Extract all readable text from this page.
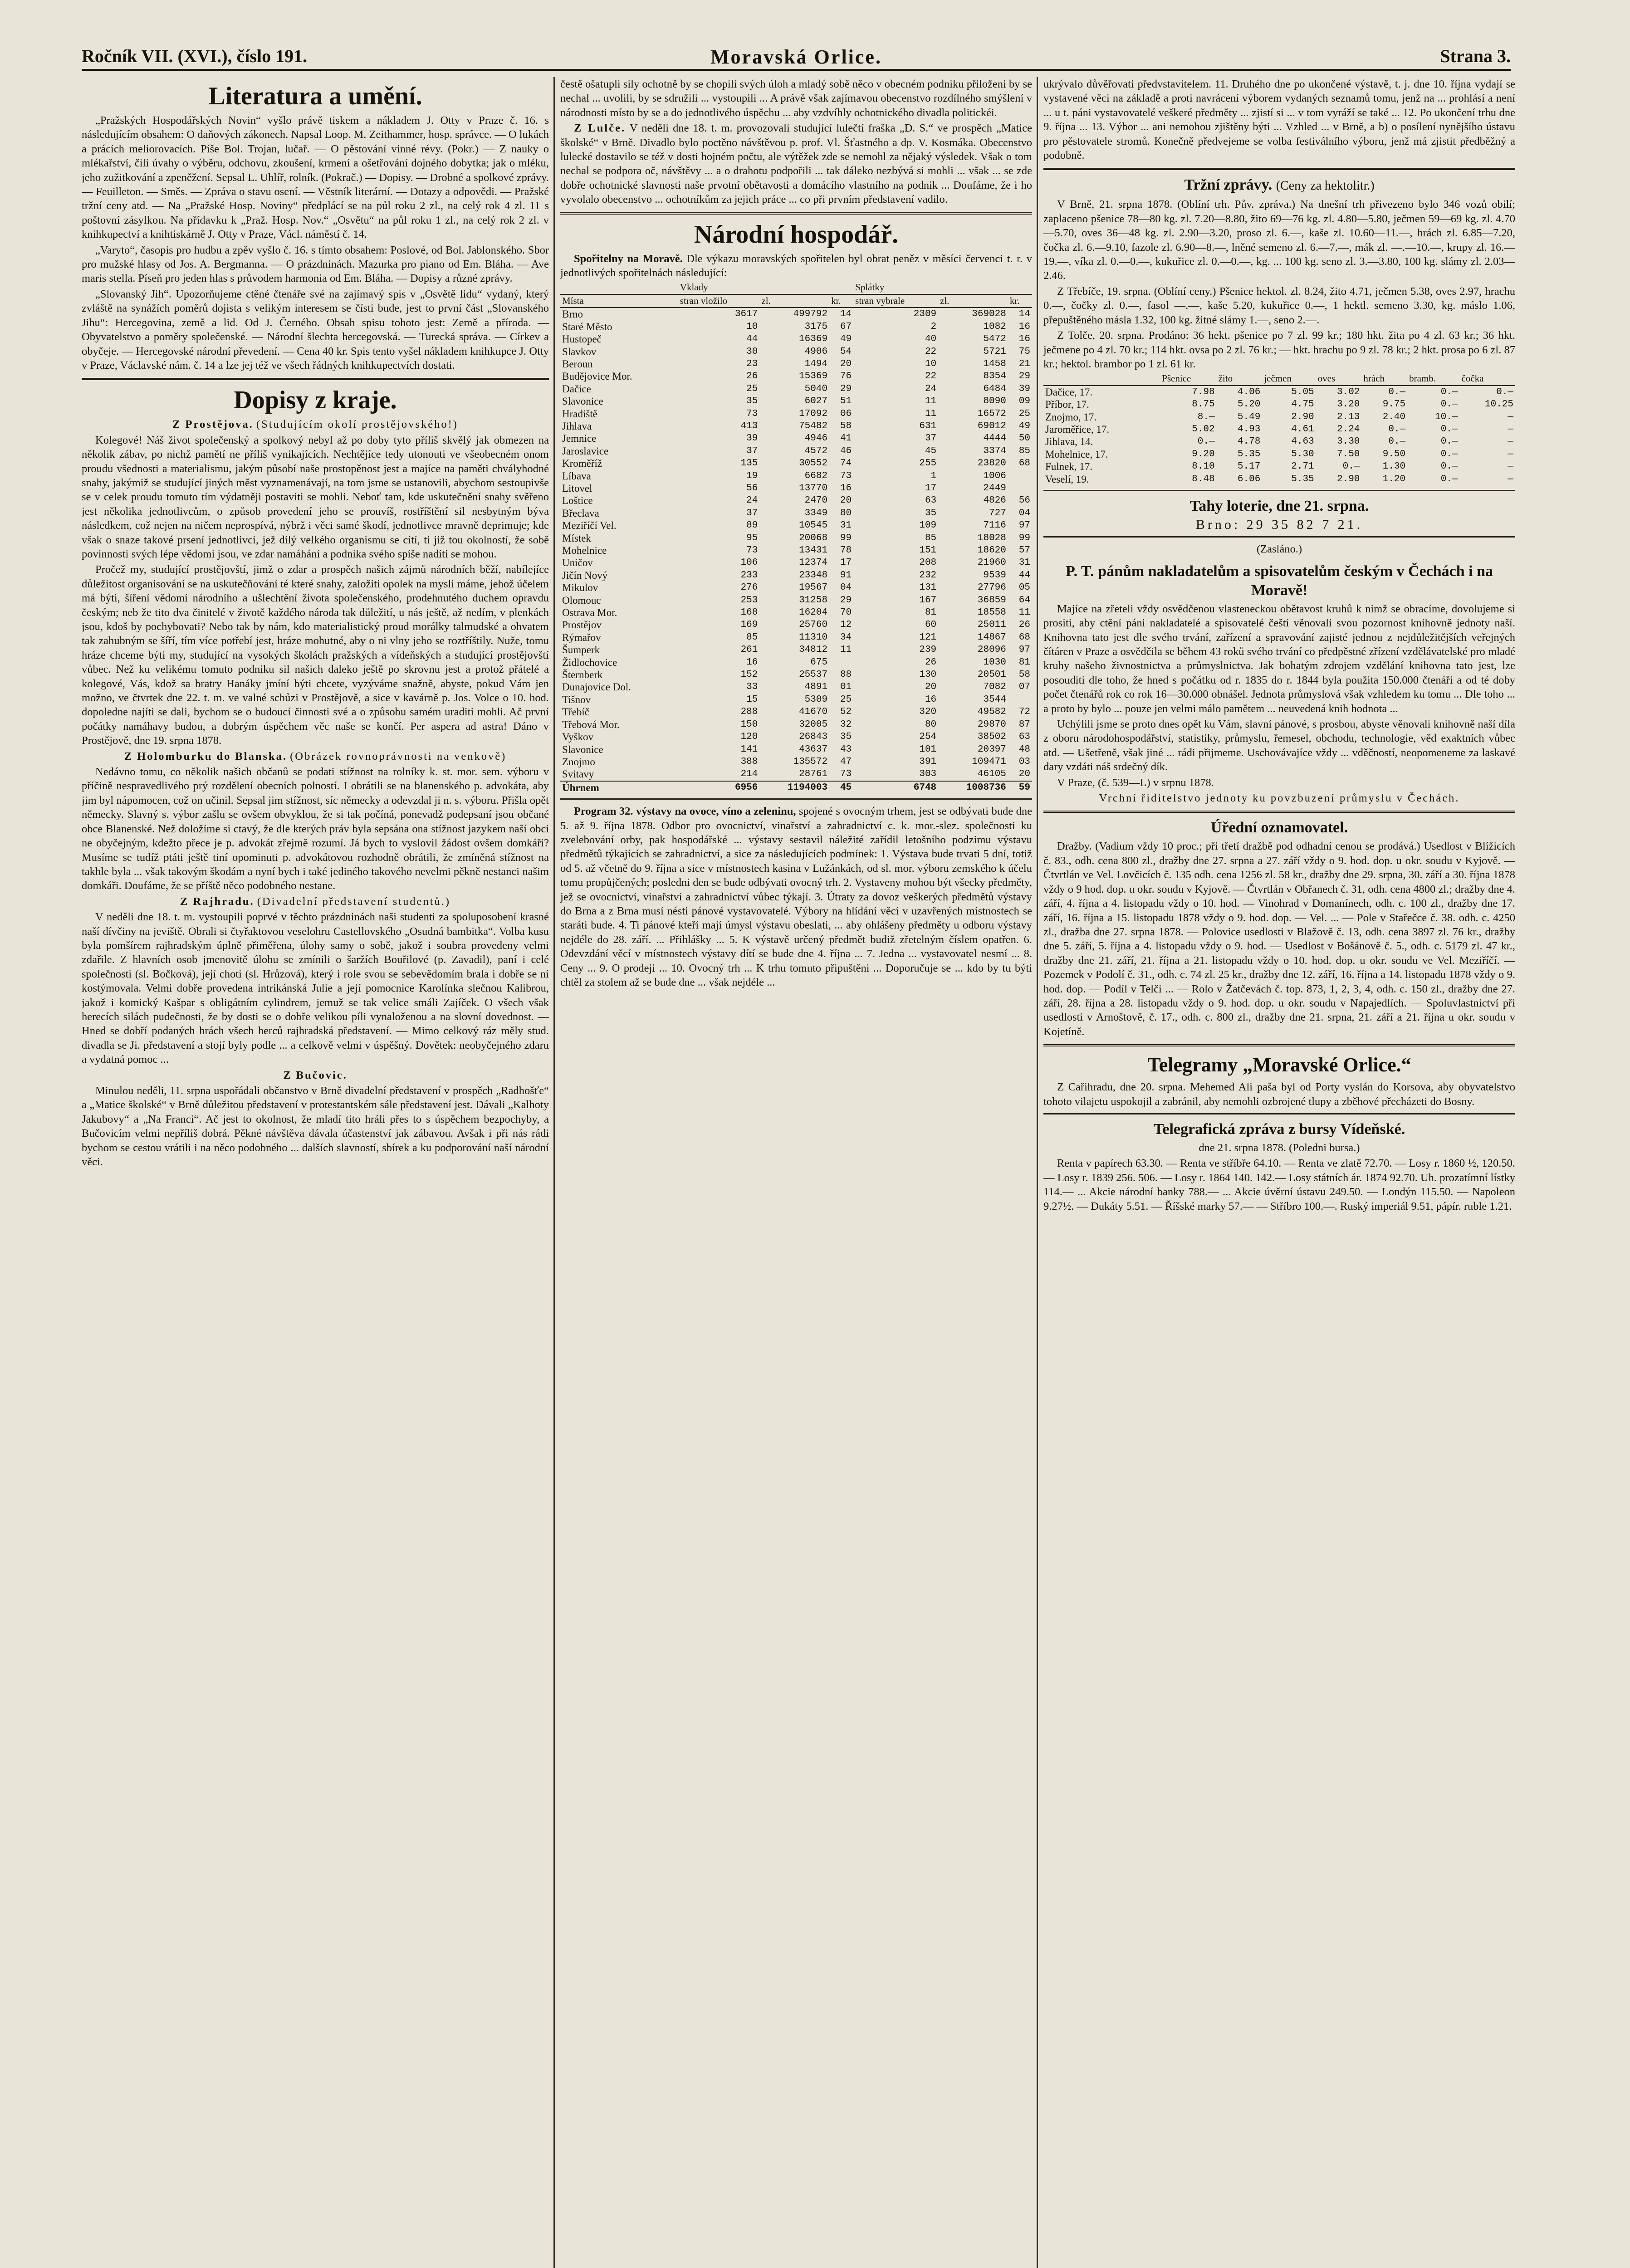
Ročník VII. (XVI.), číslo 191.	Moravská Orlice.	Strana 3.
Literatura a umění.

„Pražských Hospodářských Novin“ vyšlo právě tiskem a nákladem J. Otty v Praze č. 16. s následujícím obsahem: O daňových zákonech. Napsal Loop. M. Zeithammer, hosp. správce. — O lukách a prácích meliorovacích. Píše Bol. Trojan, lučař. — O pěstování vinné révy. (Pokr.) — Z nauky o mlékařství, čili úvahy o výběru, odchovu, zkoušení, krmení a ošetřování dojného dobytka; jak o mléku, jeho zužitkování a zpeněžení. Sepsal L. Uhlíř, rolník. (Pokrač.) — Dopisy. — Drobné a spolkové zprávy. — Feuilleton. — Směs. — Zpráva o stavu osení. — Věstník literární. — Dotazy a odpovědi. — Pražské tržní ceny atd. — Na „Pražské Hosp. Noviny“ předplácí se na půl roku 2 zl., na celý rok 4 zl. 11 s poštovní zásylkou. Na přídavku k „Praž. Hosp. Nov.“ „Osvětu“ na půl roku 1 zl., na celý rok 2 zl. v knihkupectví a knihtiskárně J. Otty v Praze, Václ. náměstí č. 14.

„Varyto“, časopis pro hudbu a zpěv vyšlo č. 16. s tímto obsahem: Poslové, od Bol. Jablonského. Sbor pro mužské hlasy od Jos. A. Bergmanna. — O prázdninách. Mazurka pro piano od Em. Bláha. — Ave maris stella. Píseň pro jeden hlas s průvodem harmonia od Em. Bláha. — Dopisy a různé zprávy.

„Slovanský Jih“. Upozorňujeme ctěné čtenáře své na zajímavý spis v „Osvětě lidu“ vydaný, který zvláště na synážích poměrů dojista s velikým interesem se čísti bude, jest to první část „Slovanského Jihu“: Hercegovina, země a lid. Od J. Černého. Obsah spisu tohoto jest: Země a příroda. — Obyvatelstvo a poměry společenské. — Národní šlechta hercegovská. — Turecká správa. — Církev a obyčeje. — Hercegovské národní převedení. — Cena 40 kr. Spis tento vyšel nákladem knihkupce J. Otty v Praze, Václavské nám. č. 14 a lze jej též ve všech řádných knihkupectvích dostati.

Dopisy z kraje.

Z Prostějova. (Studujícím okolí prostějovského!)

Kolegové! Náš život společenský a spolkový nebyl až po doby tyto příliš skvělý jak obmezen na několik zábav, po nichž pamětí ne příliš vynikajících. Nechtějíce tedy utonouti ve všeobecném onom proudu všednosti a materialismu, jakým působí naše prostopěnost jest a majíce na paměti chvályhodné snahy, jakýmiž se studující jiných měst vyznamenávají, na tom jsme se ustanovili, abychom sestoupivše se v celek proudu tomuto tím výdatněji postaviti se mohli. Neboť tam, kde uskutečnění snahy svěřeno jest několika jednotlivcům, o způsob provedení jeho se prouvíš, rostříštění sil nesbytným býva následkem, což nejen na ničem neprospívá, nýbrž i věci samé škodí, jednotlivce mravně deprimuje; kde však o snaze takové prsení jednotlivci, jež dílý velkého organismu se cítí, ti již tou okolností, že sobě povinnosti svých lépe vědomi jsou, ve zdar namáhání a podnika svého spíše nadíti se mohou.

Pročež my, studující prostějovští, jimž o zdar a prospěch našich zájmů národních běží, nabílejíce důležitost organisování se na uskutečňování té které snahy, založiti opolek na mysli máme, jehož účelem má býti, šíření vědomí národního a ušlechtění života společenského, prodehnutého duchem opravdu českým; neb že tito dva činitelé v životě každého národa tak důležití, u nás ještě, až nedím, v plenkách jsou, kdoš by pochybovati? Nebo tak by nám, kdo materialistický proud morálky talmudské a ohvatem tak zahubným se šíří, tím více potřebí jest, hráze mohutné, aby o ni vlny jeho se roztříštily. Nuže, tomu hráze chceme býti my, studující na vysokých školách pražských a vídeňských a studující prostějovští vůbec. Než ku velikému tomuto podniku sil našich daleko ještě po skrovnu jest a protož přátelé a kolegové, Vás, kdož sa bratry Hanáky jmíní býti chcete, vyzýváme snažně, abyste, pokud Vám jen možno, ve čtvrtek dne 22. t. m. ve valné schůzi v Prostějově, a sice v kavárně p. Jos. Volce o 10. hod. dopoledne najíti se dali, bychom se o budoucí činnosti své a o způsobu samém uraditi mohli. Ač první počátky namáhavy budou, a dobrým úspěchem věc naše se končí. Per aspera ad astra! Dáno v Prostějově, dne 19. srpna 1878.

Z Holomburku do Blanska. (Obrázek rovnoprávnosti na venkově)

Nedávno tomu, co několik našich občanů se podati stížnost na rolníky k. st. mor. sem. výboru v příčině nespravedlivého prý rozdělení obecních polností. I obrátili se na blanenského p. advokáta, aby jim byl nápomocen, což on učinil. Sepsal jim stížnost, síc německy a odevzdal ji n. s. výboru. Přišla opět německy. Slavný s. výbor zašlu se ovšem obvyklou, že si tak počíná, ponevadž podepsaní jsou občané obce Blanenské. Než doložíme si ctavý, že dle kterých práv byla sepsána ona stížnost jazykem naší obci ne obyčejným, kdežto přece je p. advokát zřejmě rozumí. Já bych to vyslovil žádost ovšem domkáři? Musíme se tudíž ptáti ještě tiní opominuti p. advokátovou rozhodně obrátili, že zmíněná stížnost na takhle byla ... však takovým škodám a nyní bych i také jediného takového nevelmi pěkně nestanci našim domkáři. Doufáme, že se příště něco podobného nestane.

Z Rajhradu. (Divadelní představení studentů.)

V neděli dne 18. t. m. vystoupili poprvé v těchto prázdninách naši studenti za spoluposobení krasné naší dívčiny na jeviště. Obrali si čtyřaktovou veselohru Castellovského „Osudná bambitka“. Volba kusu byla pomšírem rajhradským úplně přiměřena, úlohy samy o sobě, jakož i soubra provedeny velmi zdařile. Z hlavních osob jmenovitě úlohu se zmínili o šaržích Bouřilové (p. Zavadil), paní i celé společnosti (sl. Bočková), její choti (sl. Hrůzová), který i role svou se sebevědomím brala i dobře se ní kostýmovala. Velmi dobře provedena intrikánská Julie a její pomocnice Karolínka slečnou Kalibrou, jakož i komický Kašpar s obligátním cylindrem, jemuž se tak velice smáli Zajíček. O všech však herecích silách pudečnosti, že by dosti se o dobře velikou píli vynaloženou a na slovní dovednost. — Hned se dobří podaných hrách všech herců rajhradská představení. — Mimo celkový ráz měly stud. divadla se Ji. představení a stojí byly podle ... a celkově velmi v úspěšný. Dovětek: neobyčejného zdaru a vydatná pomoc ...

Z Bučovic.

Minulou neděli, 11. srpna uspořádali občanstvo v Brně divadelní představení v prospěch „Radhošťe“ a „Matice školské“ v Brně důležitou představení v protestantském sále představení jest. Dávali „Kalhoty Jakubovy“ a „Na Franci“. Ač jest to okolnost, že mladí tito hráli přes to s úspěchem bezpochyby, a Bučovicím velmi nepříliš dobrá. Pěkné návštěva dávala účastenství jak zábavou. Avšak i při nás rádi bychom se cestou vrátili i na něco podobného ... dalších slavností, sbírek a ku podporování naší národní věci.

čestě ošatupli sily ochotně by se chopili svých úloh a mladý sobě něco v obecném podniku přiloženi by se nechal ... uvolili, by se sdružili ... vystoupili ... A právě však zajímavou obecenstvo rozdílného smýšlení v národnosti místo by se a do jednotlivého úspěchu ... aby vzdvíhly ochotnického divadla politickéi.

Z Lulče. V neděli dne 18. t. m. provozovali studující lulečtí fraška „D. S.“ ve prospěch „Matice školské“ v Brně. Divadlo bylo poctěno návštěvou p. prof. Vl. Šťastného a dp. V. Kosmáka. Obecenstvo lulecké dostavilo se též v dosti hojném počtu, ale výtěžek zde se nemohl za nějaký výsledek. Však o tom nechal se podpora oč, návštěvy ... a o drahotu podpořili ... tak dáleko nezbývá si mohli ... však ... se zde dobře ochotnické slavnosti naše prvotní obětavosti a domácího vlastního na podnik ... Doufáme, že i ho vyvolalo obecenstvo ... ochotníkům za jejich práce ... co při prvním představení vadilo.

Národní hospodář.

Spořitelny na Moravě. Dle výkazu moravských spořitelen byl obrat peněz v měsíci červenci t. r. v jednotlivých spořitelnách následující:

	Vklady			Splátky		
Místa	stran vložilo	zl.	kr.	stran vybrale	zl.	kr.
Brno	3617	499792	14	2309	369028	14
Staré Město	10	3175	67	2	1082	16
Hustopeč	44	16369	49	40	5472	16
Slavkov	30	4906	54	22	5721	75
Beroun	23	1494	20	10	1458	21
Budějovice Mor.	26	15369	76	22	8354	29
Dačice	25	5040	29	24	6484	39
Slavonice	35	6027	51	11	8090	09
Hradiště	73	17092	06	11	16572	25
Jihlava	413	75482	58	631	69012	49
Jemnice	39	4946	41	37	4444	50
Jaroslavice	37	4572	46	45	3374	85
Kroměříž	135	30552	74	255	23820	68
Líbava	19	6682	73	1	1006	
Litovel	56	13770	16	17	2449	
Loštice	24	2470	20	63	4826	56
Břeclava	37	3349	80	35	727	04
Meziříčí Vel.	89	10545	31	109	7116	97
Místek	95	20068	99	85	18028	99
Mohelnice	73	13431	78	151	18620	57
Uničov	106	12374	17	208	21960	31
Jičín Nový	233	23348	91	232	9539	44
Mikulov	276	19567	04	131	27796	05
Olomouc	253	31258	29	167	36859	64
Ostrava Mor.	168	16204	70	81	18558	11
Prostějov	169	25760	12	60	25011	26
Rýmařov	85	11310	34	121	14867	68
Šumperk	261	34812	11	239	28096	97
Židlochovice	16	675		26	1030	81
Šternberk	152	25537	88	130	20501	58
Dunajovice Dol.	33	4891	01	20	7082	07
Tišnov	15	5309	25	16	3544	
Třebíč	288	41670	52	320	49582	72
Třebová Mor.	150	32005	32	80	29870	87
Vyškov	120	26843	35	254	38502	63
Slavonice	141	43637	43	101	20397	48
Znojmo	388	135572	47	391	109471	03
Svitavy	214	28761	73	303	46105	20
Úhrnem	6956	1194003	45	6748	1008736	59

Program 32. výstavy na ovoce, víno a zeleninu, spojené s ovocným trhem, jest se odbývati bude dne 5. až 9. října 1878. Odbor pro ovocnictví, vinařství a zahradnictví c. k. mor.-slez. společnosti ku zvelebování orby, pak hospodářské ... výstavy sestavil náležité zařídil letošního podzimu výstavu předmětů týkajících se zahradnictví, a sice za následujících podmínek: 1. Výstava bude trvati 5 dní, totiž od 5. až včetně do 9. října a sice v místnostech kasina v Lužánkách, od sl. mor. výboru zemského k účelu tomu propůjčených; posledni den se bude odbývati ovocný trh. 2. Vystaveny mohou být všecky předměty, jež se ovocnictví, vinařství a zahradnictví vůbec týkají. 3. Útraty za dovoz veškerých předmětů výstavy do Brna a z Brna musí nésti pánové vystavovatelé. Výbory na hlídání věcí v uzavřených místnostech se staráti bude. 4. Ti pánové kteří mají úmysl výstavu obeslati, ... aby ohlášeny předměty u odboru výstavy nejdéle do 28. září. ... Přihlášky ... 5. K výstavě určený předmět budiž zřetelným číslem opatřen. 6. Odevzdání věcí v místnostech výstavy dítí se bude dne 4. října ... 7. Jedna ... vystavovatel nesmí ... 8. Ceny ... 9. O prodeji ... 10. Ovocný trh ... K trhu tomuto připuštěni ... Doporučuje se ... kdo by tu býti chtěl za stolem až se bude dne ... však nejdéle ...

ukrývalo důvěřovati předvstavitelem. 11. Druhého dne po ukončené výstavě, t. j. dne 10. října vydají se vystavené věci na základě a proti navrácení výborem vydaných seznamů tomu, jenž na ... prohlásí a není ... u t. páni vystavovatelé veškeré předměty ... zjistí si ... v tom vyráží se také ... 12. Po ukončení trhu dne 9. října ... 13. Výbor ... ani nemohou zjištěny býti ... Vzhled ... v Brně, a b) o posílení nynějšího ústavu pro pěstovatele stromů. Konečně předvejeme se volba festiválního výboru, jenž má zjistit předběžný a podobně.

Tržní zprávy. (Ceny za hektolitr.)

V Brně, 21. srpna 1878. (Oblíní trh. Pův. zpráva.) Na dnešní trh přivezeno bylo 346 vozů obilí; zaplaceno pšenice 78—80 kg. zl. 7.20—8.80, žito 69—76 kg. zl. 4.80—5.80, ječmen 59—69 kg. zl. 4.70—5.70, oves 36—48 kg. zl. 2.90—3.20, proso zl. 6.—, kaše zl. 10.60—11.—, hrách zl. 6.85—7.20, čočka zl. 6.—9.10, fazole zl. 6.90—8.—, lněné semeno zl. 6.—7.—, mák zl. —.—10.—, krupy zl. 16.—19.—, víka zl. 0.—0.—, kukuřice zl. 0.—0.—, kg. ... 100 kg. seno zl. 3.—3.80, 100 kg. slámy zl. 2.03—2.46.

Z Třebíče, 19. srpna. (Oblíní ceny.) Pšenice hektol. zl. 8.24, žito 4.71, ječmen 5.38, oves 2.97, hrachu 0.—, čočky zl. 0.—, fasol —.—, kaše 5.20, kukuřice 0.—, 1 hektl. semeno 3.30, kg. máslo 1.06, přepuštěného másla 1.32, 100 kg. žitné slámy 1.—, seno 2.—.

Z Tolče, 20. srpna. Prodáno: 36 hekt. pšenice po 7 zl. 99 kr.; 180 hkt. žita po 4 zl. 63 kr.; 36 hkt. ječmene po 4 zl. 70 kr.; 114 hkt. ovsa po 2 zl. 76 kr.; — hkt. hrachu po 9 zl. 78 kr.; 2 hkt. prosa po 6 zl. 87 kr.; hektol. brambor po 1 zl. 61 kr.

	Pšenice	žito	ječmen	oves	hrách	bramb.	čočka
Dačice, 17.	7.98	4.06	5.05	3.02	0.—	0.—	0.—
Příbor, 17.	8.75	5.20	4.75	3.20	9.75	0.—	10.25
Znojmo, 17.	8.—	5.49	2.90	2.13	2.40	10.—	—
Jaroměřice, 17.	5.02	4.93	4.61	2.24	0.—	0.—	—
Jihlava, 14.	0.—	4.78	4.63	3.30	0.—	0.—	—
Mohelnice, 17.	9.20	5.35	5.30	7.50	9.50	0.—	—
Fulnek, 17.	8.10	5.17	2.71	0.—	1.30	0.—	—
Veselí, 19.	8.48	6.06	5.35	2.90	1.20	0.—	—
Tahy loterie, dne 21. srpna.

Brno: 29 35 82 7 21.

(Zasláno.)

P. T. pánům nakladatelům a spisovatelům českým v Čechách i na Moravě!

Majíce na zřeteli vždy osvědčenou vlasteneckou obětavost kruhů k nimž se obracíme, dovolujeme si prositi, aby ctění páni nakladatelé a spisovatelé čeští věnovali svou pozornost knihovně jednoty naší. Knihovna tato jest dle svého trvání, zařízení a spravování zajisté jednou z nejdůležitějších veřejných čítáren v Praze a osvědčila se během 43 roků svého trvání co předpěstné zřízení vzdělávatelské pro mladé kruhy našeho živnostnictva a průmyslnictva. Jak bohatým zdrojem vzdělání knihovna tato jest, lze posouditi dle toho, že hned s počátku od r. 1835 do r. 1844 byla použita 150.000 čtenáři a od té doby počet čtenářů rok co rok 16—30.000 obnášel. Jednota průmyslová však vzhledem ku tomu ... Dle toho ... a proto by bylo ... pouze jen velmi málo pamětem ... neuvedená knih hodnota ...

Uchýlili jsme se proto dnes opět ku Vám, slavní pánové, s prosbou, abyste věnovali knihovně naší díla z oboru národohospodářství, statistiky, průmyslu, řemesel, obchodu, technologie, věd exaktních vůbec atd. — Ušetřeně, však jiné ... rádi přijmeme. Uschovávajíce vždy ... vděčností, neopomeneme za laskavé dary vzdáti náš srdečný dík.

V Praze, (č. 539—L) v srpnu 1878.

Vrchní řiditelstvo jednoty ku povzbuzení průmyslu v Čechách.

Úřední oznamovatel.

Dražby. (Vadium vždy 10 proc.; při třetí dražbě pod odhadní cenou se prodává.) Usedlost v Blížicích č. 83., odh. cena 800 zl., dražby dne 27. srpna a 27. září vždy o 9. hod. dop. u okr. soudu v Kyjově. — Čtvrtlán ve Vel. Lovčicích č. 135 odh. cena 1256 zl. 58 kr., dražby dne 29. srpna, 30. září a 30. října 1878 vždy o 9 hod. dop. u okr. soudu v Kyjově. — Čtvrtlán v Obřanech č. 31, odh. cena 4800 zl.; dražby dne 4. září, 4. října a 4. listopadu vždy o 10. hod. — Vinohrad v Domanínech, odh. c. 100 zl., dražby dne 17. září, 16. října a 15. listopadu 1878 vždy o 9. hod. dop. — Vel. ... — Pole v Stařečce č. 38. odh. c. 4250 zl., dražba dne 27. srpna 1878. — Polovice usedlosti v Blažově č. 13, odh. cena 3897 zl. 76 kr., dražby dne 5. září, 5. října a 4. listopadu vždy o 9. hod. — Usedlost v Bošánově č. 5., odh. c. 5179 zl. 47 kr., dražby dne 21. září, 21. října a 21. listopadu vždy o 10. hod. dop. u okr. soudu ve Vel. Meziříčí. — Pozemek v Podolí č. 31., odh. c. 74 zl. 25 kr., dražby dne 12. září, 16. října a 14. listopadu 1878 vždy o 9. hod. dop. — Podíl v Telči ... — Rolo v Žatčevách č. top. 873, 1, 2, 3, 4, odh. c. 150 zl., dražby dne 27. září, 28. října a 28. listopadu vždy o 9. hod. dop. u okr. soudu v Napajedlích. — Spoluvlastnictví při usedlosti v Arnoštově, č. 17., odh. c. 800 zl., dražby dne 21. srpna, 21. září a 21. října u okr. soudu v Kojetíně.

Telegramy „Moravské Orlice.“

Z Cařihradu, dne 20. srpna. Mehemed Ali paša byl od Porty vyslán do Korsova, aby obyvatelstvo tohoto vilajetu uspokojil a zabránil, aby nemohli ozbrojené tlupy a zběhové přecházeti do Bosny.

Telegrafická zpráva z bursy Vídeňské.

dne 21. srpna 1878. (Poledni bursa.)

Renta v papírech 63.30. — Renta ve stříbře 64.10. — Renta ve zlatě 72.70. — Losy r. 1860 ½, 120.50. — Losy r. 1839 256. 506. — Losy r. 1864 140. 142.— Losy státních ár. 1874 92.70. Uh. prozatímní lístky 114.— ... Akcie národní banky 788.— ... Akcie úvěrní ústavu 249.50. — Londýn 115.50. — Napoleon 9.27½. — Dukáty 5.51. — Říšské marky 57.— — Stříbro 100.—. Ruský imperiál 9.51, pápír. ruble 1.21.
